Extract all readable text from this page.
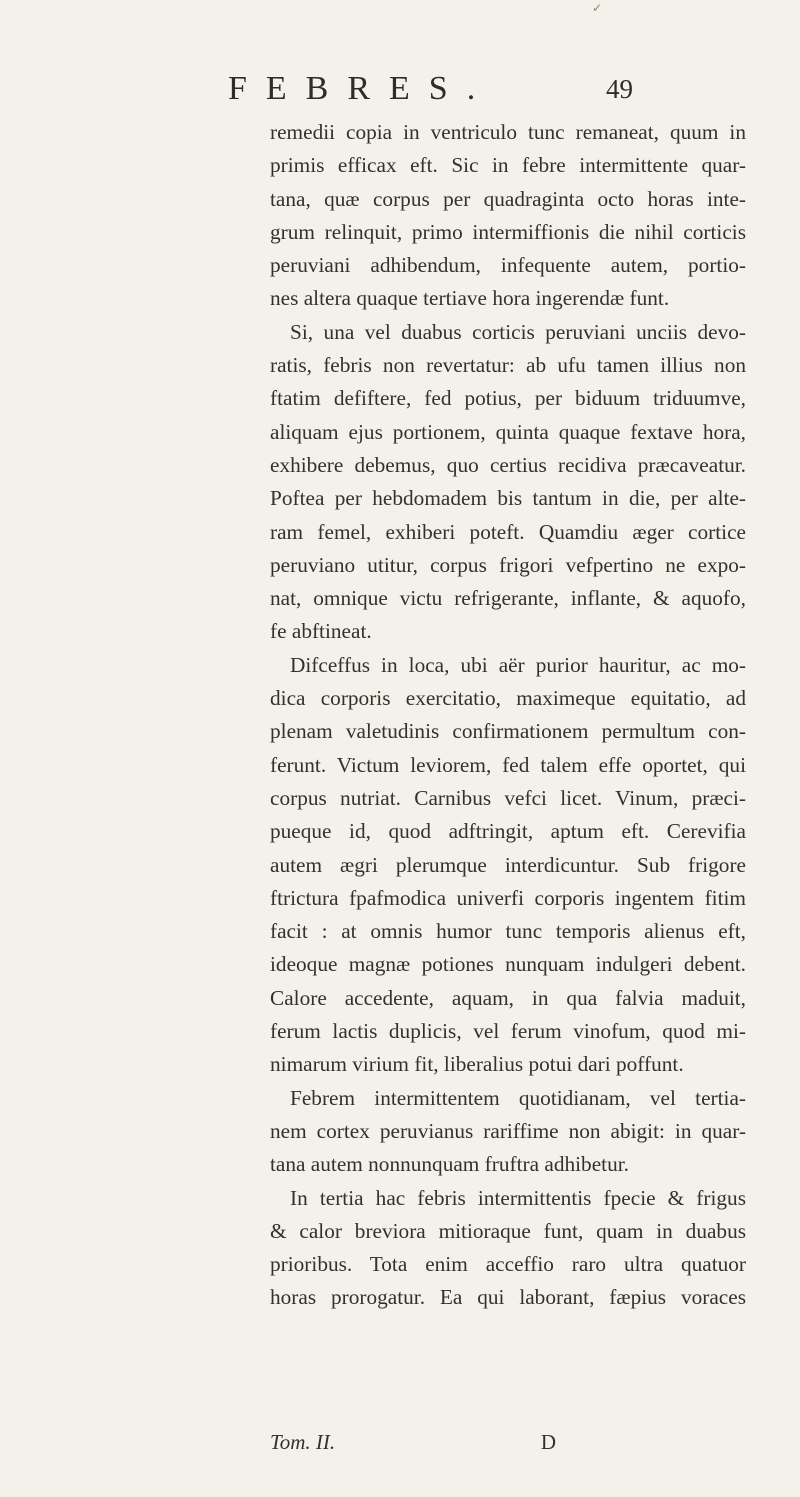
FEBRES.
✓
49
remedii copia in ventriculo tunc remaneat, quum in
primis efficax eft. Sic in febre intermittente quar-
tana, quæ corpus per quadraginta octo horas inte-
grum relinquit, primo intermiffionis die nihil corticis
peruviani adhibendum, infequente autem, portio-
nes altera quaque tertiave hora ingerendæ funt.
Si, una vel duabus corticis peruviani unciis devo-
ratis, febris non revertatur: ab ufu tamen illius non
ftatim defiftere, fed potius, per biduum triduumve,
aliquam ejus portionem, quinta quaque fextave hora,
exhibere debemus, quo certius recidiva præcaveatur.
Poftea per hebdomadem bis tantum in die, per alte-
ram femel, exhiberi poteft. Quamdiu æger cortice
peruviano utitur, corpus frigori vefpertino ne expo-
nat, omnique victu refrigerante, inflante, & aquofo,
fe abftineat.
Difceffus in loca, ubi aër purior hauritur, ac mo-
dica corporis exercitatio, maximeque equitatio, ad
plenam valetudinis confirmationem permultum con-
ferunt. Victum leviorem, fed talem effe oportet, qui
corpus nutriat. Carnibus vefci licet. Vinum, præci-
pueque id, quod adftringit, aptum eft. Cerevifia
autem ægri plerumque interdicuntur. Sub frigore
ftrictura fpafmodica univerfi corporis ingentem fitim
facit : at omnis humor tunc temporis alienus eft,
ideoque magnæ potiones nunquam indulgeri debent.
Calore accedente, aquam, in qua falvia maduit,
ferum lactis duplicis, vel ferum vinofum, quod mi-
nimarum virium fit, liberalius potui dari poffunt.
Febrem intermittentem quotidianam, vel tertia-
nem cortex peruvianus rariffime non abigit: in quar-
tana autem nonnunquam fruftra adhibetur.
In tertia hac febris intermittentis fpecie & frigus
& calor breviora mitioraque funt, quam in duabus
prioribus. Tota enim acceffio raro ultra quatuor
horas prorogatur. Ea qui laborant, fæpius voraces
Tom. II.	D
